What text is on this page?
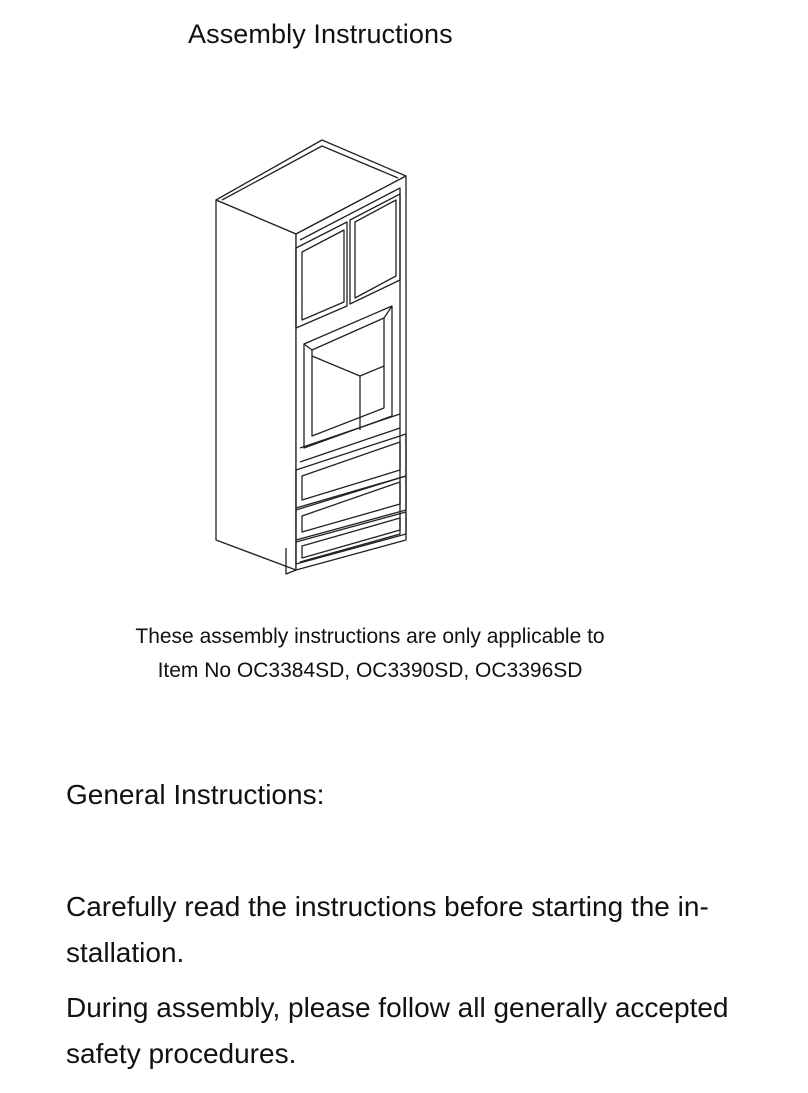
Assembly Instructions
These assembly instructions are only applicable to

Item No OC3384SD, OC3390SD, OC3396SD
General Instructions:

Carefully read the instructions before starting the in-stallation.

During assembly, please follow all generally accepted safety procedures.
